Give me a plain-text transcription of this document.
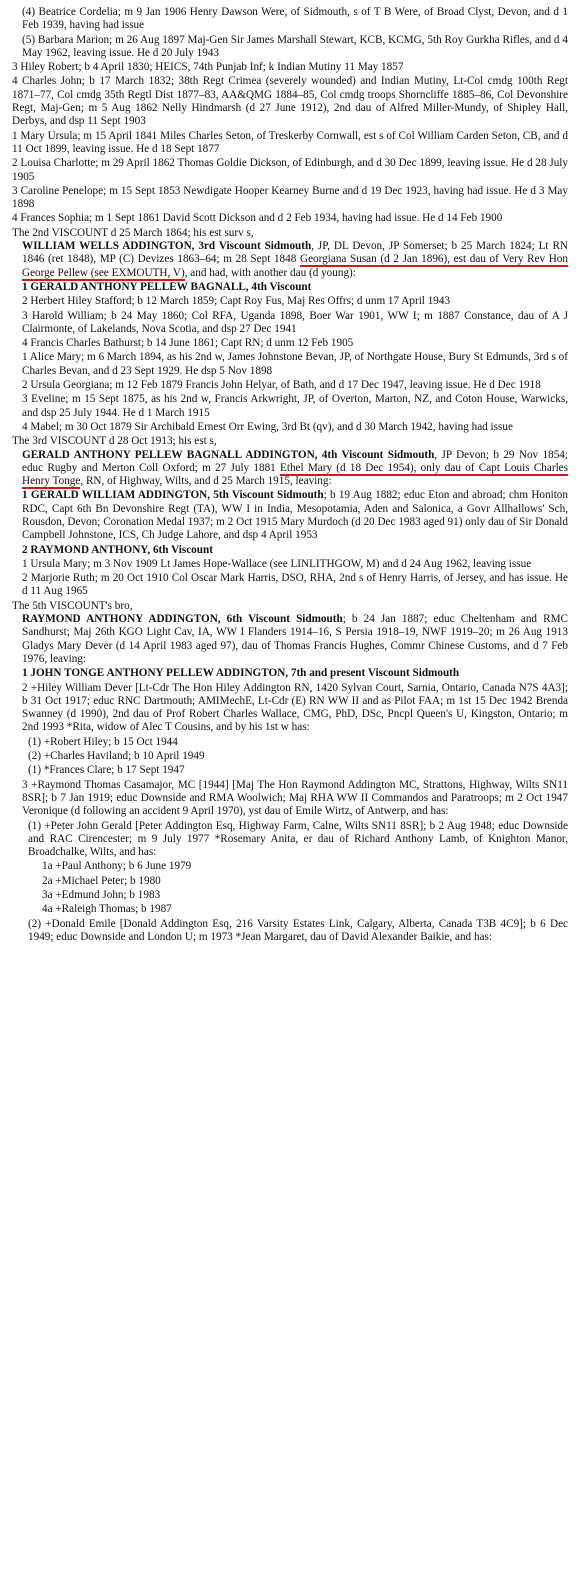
(4) Beatrice Cordelia; m 9 Jan 1906 Henry Dawson Were, of Sidmouth, s of T B Were, of Broad Clyst, Devon, and d 1 Feb 1939, having had issue

(5) Barbara Marion; m 26 Aug 1897 Maj-Gen Sir James Marshall Stewart, KCB, KCMG, 5th Roy Gurkha Rifles, and d 4 May 1962, leaving issue. He d 20 July 1943

3 Hiley Robert; b 4 April 1830; HEICS, 74th Punjab Inf; k Indian Mutiny 11 May 1857

4 Charles John; b 17 March 1832; 38th Regt Crimea (severely wounded) and Indian Mutiny, Lt-Col cmdg 100th Regt 1871–77, Col cmdg 35th Regtl Dist 1877–83, AA&QMG 1884–85, Col cmdg troops Shorncliffe 1885–86, Col Devonshire Regt, Maj-Gen; m 5 Aug 1862 Nelly Hindmarsh (d 27 June 1912), 2nd dau of Alfred Miller-Mundy, of Shipley Hall, Derbys, and dsp 11 Sept 1903

1 Mary Ursula; m 15 April 1841 Miles Charles Seton, of Treskerby Cornwall, est s of Col William Carden Seton, CB, and d 11 Oct 1899, leaving issue. He d 18 Sept 1877

2 Louisa Charlotte; m 29 April 1862 Thomas Goldie Dickson, of Edinburgh, and d 30 Dec 1899, leaving issue. He d 28 July 1905

3 Caroline Penelope; m 15 Sept 1853 Newdigate Hooper Kearney Burne and d 19 Dec 1923, having had issue. He d 3 May 1898

4 Frances Sophia; m 1 Sept 1861 David Scott Dickson and d 2 Feb 1934, having had issue. He d 14 Feb 1900

The 2nd VISCOUNT d 25 March 1864; his est surv s,

WILLIAM WELLS ADDINGTON, 3rd Viscount Sidmouth, JP, DL Devon, JP Somerset; b 25 March 1824; Lt RN 1846 (ret 1848), MP (C) Devizes 1863–64; m 28 Sept 1848 Georgiana Susan (d 2 Jan 1896), est dau of Very Rev Hon George Pellew (see EXMOUTH, V), and had, with another dau (d young):

1 GERALD ANTHONY PELLEW BAGNALL, 4th Viscount

2 Herbert Hiley Stafford; b 12 March 1859; Capt Roy Fus, Maj Res Offrs; d unm 17 April 1943

3 Harold William; b 24 May 1860; Col RFA, Uganda 1898, Boer War 1901, WW I; m 1887 Constance, dau of A J Clairmonte, of Lakelands, Nova Scotia, and dsp 27 Dec 1941

4 Francis Charles Bathurst; b 14 June 1861; Capt RN; d unm 12 Feb 1905

1 Alice Mary; m 6 March 1894, as his 2nd w, James Johnstone Bevan, JP, of Northgate House, Bury St Edmunds, 3rd s of Charles Bevan, and d 23 Sept 1929. He dsp 5 Nov 1898

2 Ursula Georgiana; m 12 Feb 1879 Francis John Helyar, of Bath, and d 17 Dec 1947, leaving issue. He d Dec 1918

3 Eveline; m 15 Sept 1875, as his 2nd w, Francis Arkwright, JP, of Overton, Marton, NZ, and Coton House, Warwicks, and dsp 25 July 1944. He d 1 March 1915

4 Mabel; m 30 Oct 1879 Sir Archibald Ernest Orr Ewing, 3rd Bt (qv), and d 30 March 1942, having had issue

The 3rd VISCOUNT d 28 Oct 1913; his est s,

GERALD ANTHONY PELLEW BAGNALL ADDINGTON, 4th Viscount Sidmouth, JP Devon; b 29 Nov 1854; educ Rugby and Merton Coll Oxford; m 27 July 1881 Ethel Mary (d 18 Dec 1954), only dau of Capt Louis Charles Henry Tonge, RN, of Highway, Wilts, and d 25 March 1915, leaving:

1 GERALD WILLIAM ADDINGTON, 5th Viscount Sidmouth; b 19 Aug 1882; educ Eton and abroad; chm Honiton RDC, Capt 6th Bn Devonshire Regt (TA), WW I in India, Mesopotamia, Aden and Salonica, a Govr Allhallows' Sch, Rousdon, Devon; Coronation Medal 1937; m 2 Oct 1915 Mary Murdoch (d 20 Dec 1983 aged 91) only dau of Sir Donald Campbell Johnstone, ICS, Ch Judge Lahore, and dsp 4 April 1953

2 RAYMOND ANTHONY, 6th Viscount

1 Ursula Mary; m 3 Nov 1909 Lt James Hope-Wallace (see LINLITHGOW, M) and d 24 Aug 1962, leaving issue

2 Marjorie Ruth; m 20 Oct 1910 Col Oscar Mark Harris, DSO, RHA, 2nd s of Henry Harris, of Jersey, and has issue. He d 11 Aug 1965

The 5th VISCOUNT's bro,

RAYMOND ANTHONY ADDINGTON, 6th Viscount Sidmouth; b 24 Jan 1887; educ Cheltenham and RMC Sandhurst; Maj 26th KGO Light Cav, IA, WW I Flanders 1914–16, S Persia 1918–19, NWF 1919–20; m 26 Aug 1913 Gladys Mary Dever (d 14 April 1983 aged 97), dau of Thomas Francis Hughes, Commr Chinese Customs, and d 7 Feb 1976, leaving:

1 JOHN TONGE ANTHONY PELLEW ADDINGTON, 7th and present Viscount Sidmouth

2 +Hiley William Dever [Lt-Cdr The Hon Hiley Addington RN, 1420 Sylvan Court, Sarnia, Ontario, Canada N7S 4A3]; b 31 Oct 1917; educ RNC Dartmouth; AMIMechE, Lt-Cdr (E) RN WW II and as Pilot FAA; m 1st 15 Dec 1942 Brenda Swanney (d 1990), 2nd dau of Prof Robert Charles Wallace, CMG, PhD, DSc, Pncpl Queen's U, Kingston, Ontario; m 2nd 1993 *Rita, widow of Alec T Cousins, and by his 1st w has:

(1) +Robert Hiley; b 15 Oct 1944

(2) +Charles Haviland; b 10 April 1949

(1) *Frances Clare; b 17 Sept 1947

3 +Raymond Thomas Casamajor, MC [1944] [Maj The Hon Raymond Addington MC, Strattons, Highway, Wilts SN11 8SR]; b 7 Jan 1919; educ Downside and RMA Woolwich; Maj RHA WW II Commandos and Paratroops; m 2 Oct 1947 Veronique (d following an accident 9 April 1970), yst dau of Emile Wirtz, of Antwerp, and has:

(1) +Peter John Gerald [Peter Addington Esq, Highway Farm, Calne, Wilts SN11 8SR]; b 2 Aug 1948; educ Downside and RAC Cirencester; m 9 July 1977 *Rosemary Anita, er dau of Richard Anthony Lamb, of Knighton Manor, Broadchalke, Wilts, and has:

1a +Paul Anthony; b 6 June 1979

2a +Michael Peter; b 1980

3a +Edmund John; b 1983

4a +Raleigh Thomas; b 1987

(2) +Donald Emile [Donald Addington Esq, 216 Varsity Estates Link, Calgary, Alberta, Canada T3B 4C9]; b 6 Dec 1949; educ Downside and London U; m 1973 *Jean Margaret, dau of David Alexander Baikie, and has:
